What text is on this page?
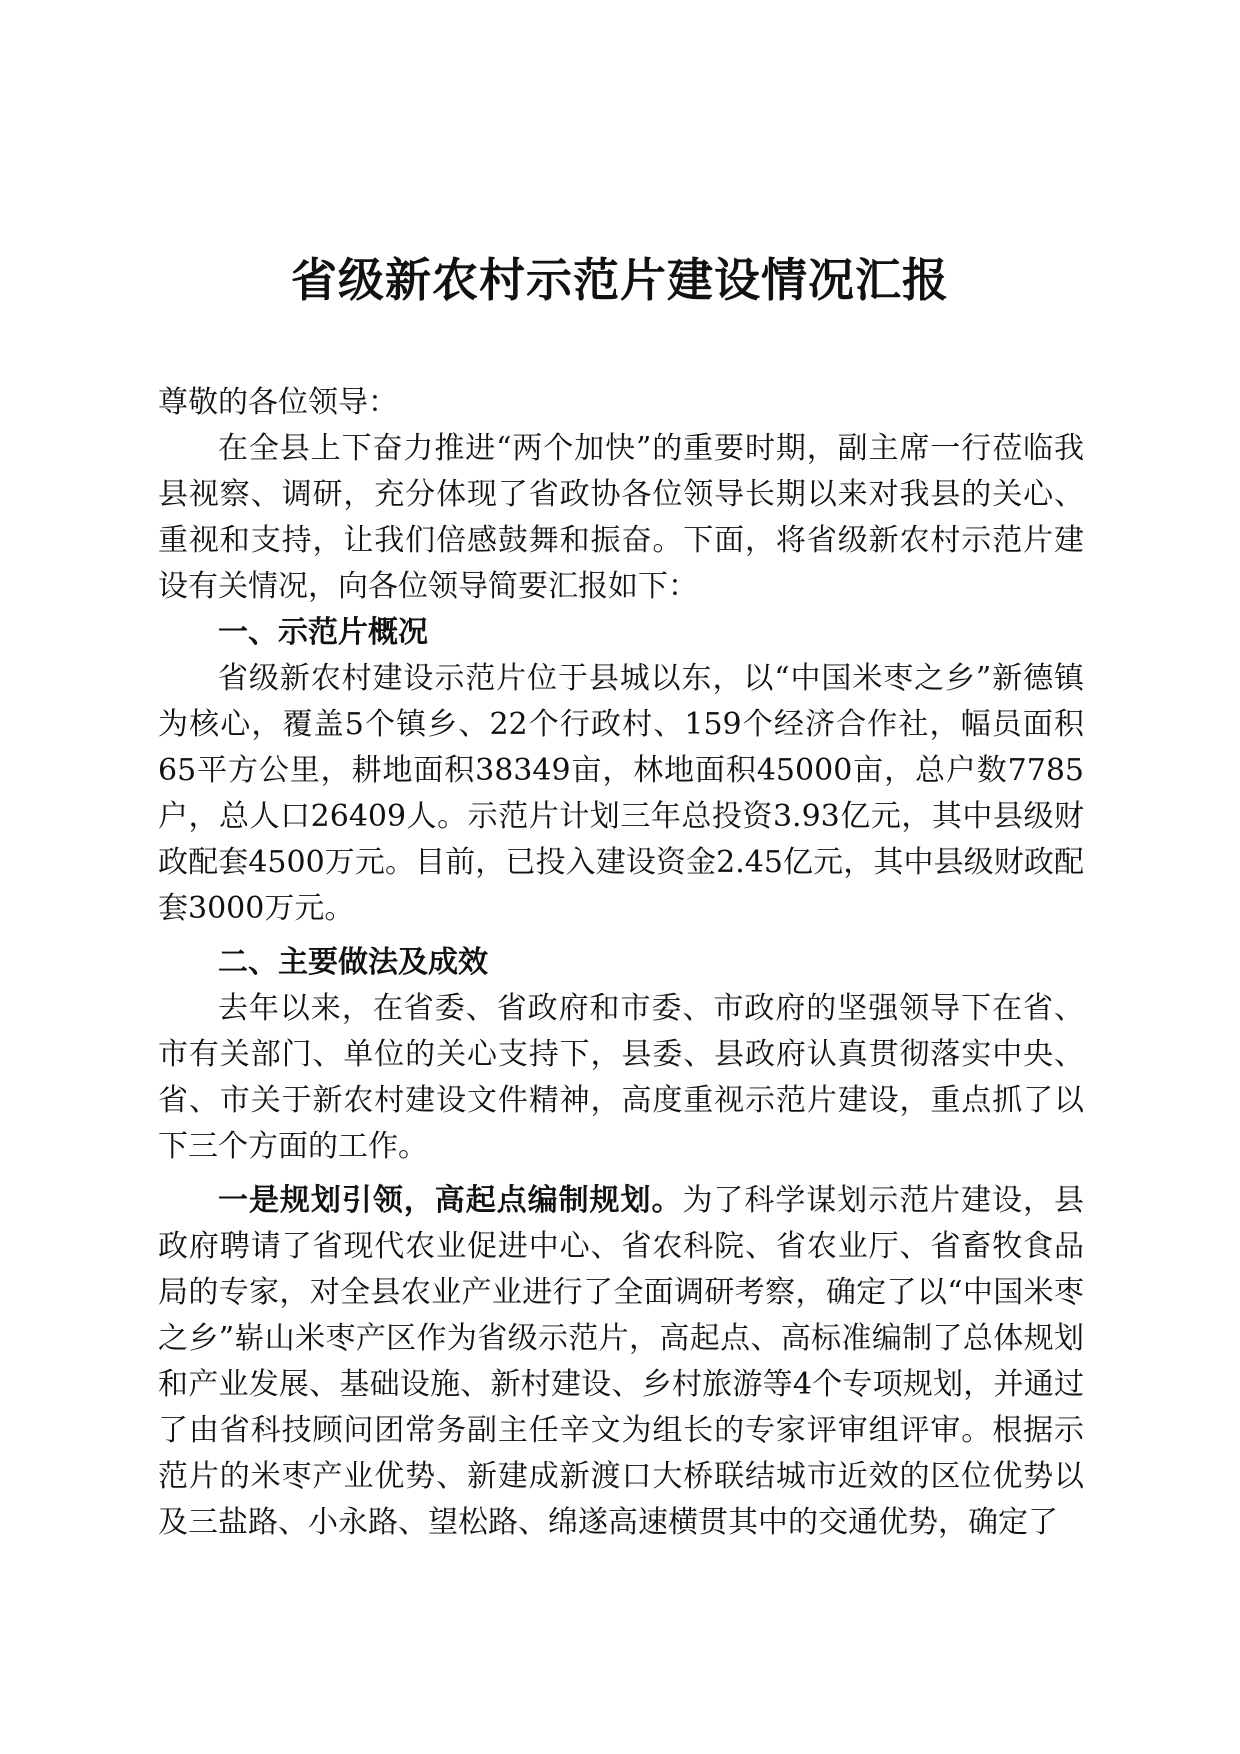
省级新农村示范片建设情况汇报

尊敬的各位领导：

在全县上下奋力推进“两个加快”的重要时期，副主席一行莅临我县视察、调研，充分体现了省政协各位领导长期以来对我县的关心、重视和支持，让我们倍感鼓舞和振奋。下面，将省级新农村示范片建设有关情况，向各位领导简要汇报如下：

一、示范片概况

省级新农村建设示范片位于县城以东，以“中国米枣之乡”新德镇为核心，覆盖5个镇乡、22个行政村、159个经济合作社，幅员面积65平方公里，耕地面积38349亩，林地面积45000亩，总户数7785户，总人口26409人。示范片计划三年总投资3.93亿元，其中县级财政配套4500万元。目前，已投入建设资金2.45亿元，其中县级财政配套3000万元。

二、主要做法及成效

去年以来，在省委、省政府和市委、市政府的坚强领导下在省、市有关部门、单位的关心支持下，县委、县政府认真贯彻落实中央、省、市关于新农村建设文件精神，高度重视示范片建设，重点抓了以下三个方面的工作。

一是规划引领，高起点编制规划。为了科学谋划示范片建设，县政府聘请了省现代农业促进中心、省农科院、省农业厅、省畜牧食品局的专家，对全县农业产业进行了全面调研考察，确定了以“中国米枣之乡”崭山米枣产区作为省级示范片，高起点、高标准编制了总体规划和产业发展、基础设施、新村建设、乡村旅游等4个专项规划，并通过了由省科技顾问团常务副主任辛文为组长的专家评审组评审。根据示范片的米枣产业优势、新建成新渡口大桥联结城市近效的区位优势以及三盐路、小永路、望松路、绵遂高速横贯其中的交通优势，确定了
